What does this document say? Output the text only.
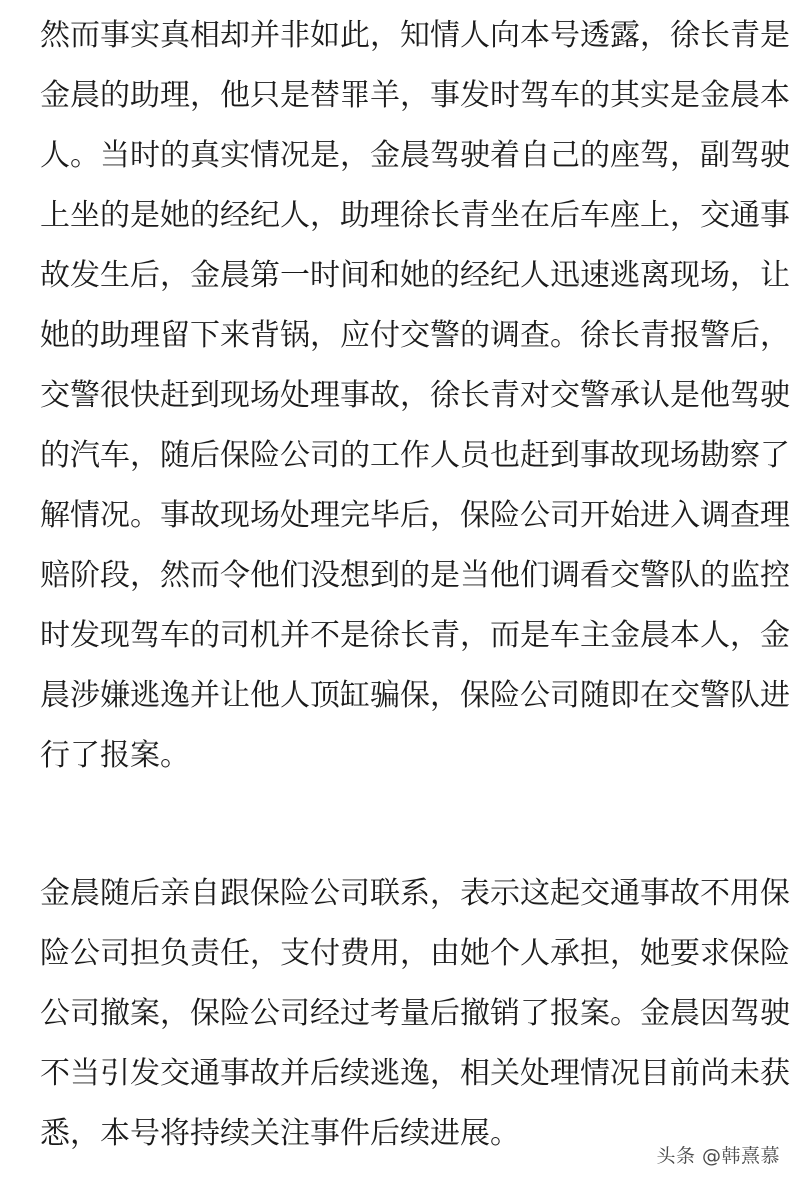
然而事实真相却并非如此，知情人向本号透露，徐长青是
金晨的助理，他只是替罪羊，事发时驾车的其实是金晨本
人。当时的真实情况是，金晨驾驶着自己的座驾，副驾驶
上坐的是她的经纪人，助理徐长青坐在后车座上，交通事
故发生后，金晨第一时间和她的经纪人迅速逃离现场，让
她的助理留下来背锅，应付交警的调查。徐长青报警后，
交警很快赶到现场处理事故，徐长青对交警承认是他驾驶
的汽车，随后保险公司的工作人员也赶到事故现场勘察了
解情况。事故现场处理完毕后，保险公司开始进入调查理
赔阶段，然而令他们没想到的是当他们调看交警队的监控
时发现驾车的司机并不是徐长青，而是车主金晨本人，金
晨涉嫌逃逸并让他人顶缸骗保，保险公司随即在交警队进
行了报案。

金晨随后亲自跟保险公司联系，表示这起交通事故不用保
险公司担负责任，支付费用，由她个人承担，她要求保险
公司撤案，保险公司经过考量后撤销了报案。金晨因驾驶
不当引发交通事故并后续逃逸，相关处理情况目前尚未获
悉，本号将持续关注事件后续进展。

头条 @韩熹慕
